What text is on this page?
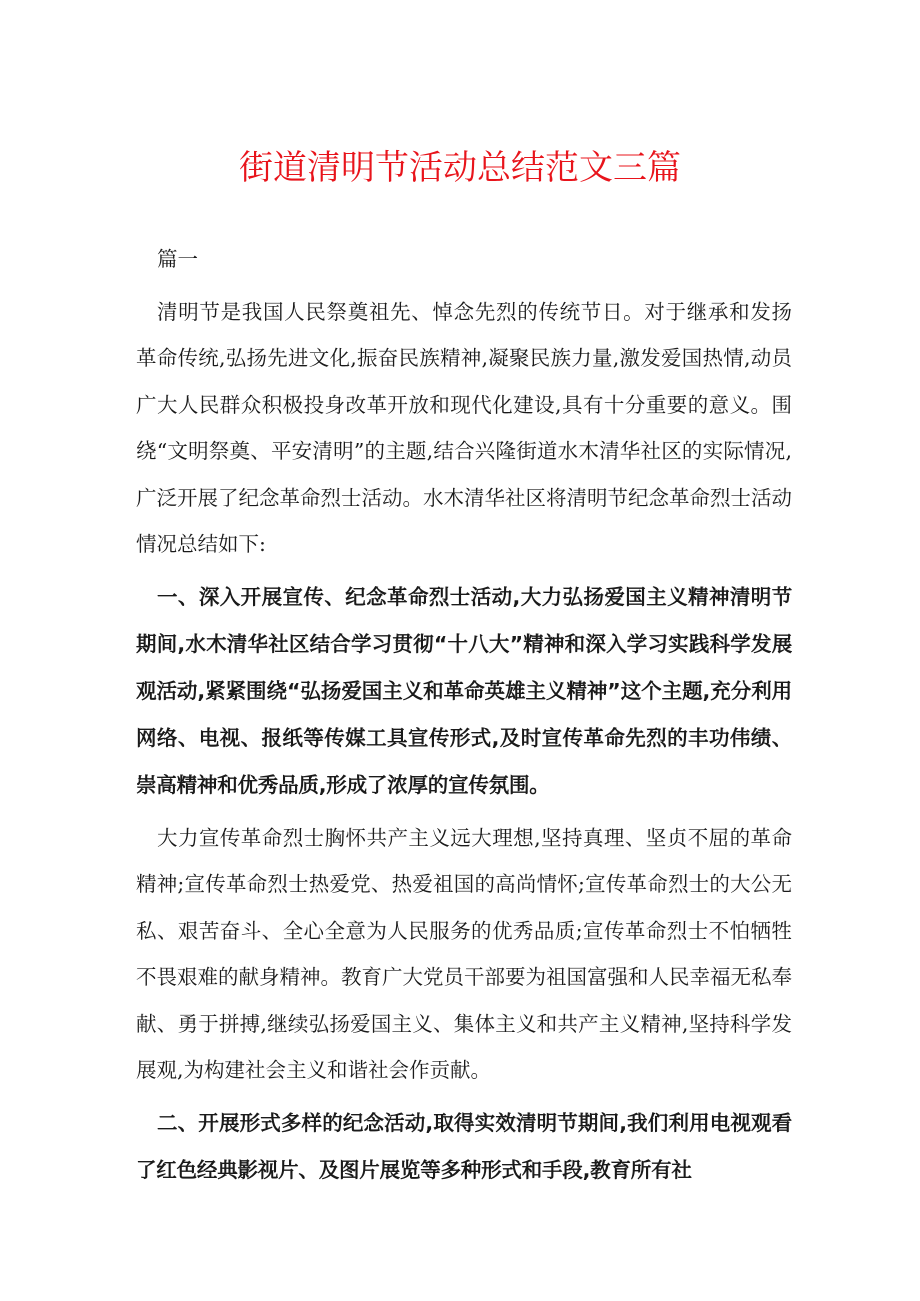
街道清明节活动总结范文三篇

篇一

清明节是我国人民祭奠祖先、悼念先烈的传统节日。对于继承和发扬革命传统,弘扬先进文化,振奋民族精神,凝聚民族力量,激发爱国热情,动员广大人民群众积极投身改革开放和现代化建设,具有十分重要的意义。围绕“文明祭奠、平安清明”的主题,结合兴隆街道水木清华社区的实际情况,广泛开展了纪念革命烈士活动。水木清华社区将清明节纪念革命烈士活动情况总结如下:

一、深入开展宣传、纪念革命烈士活动,大力弘扬爱国主义精神清明节期间,水木清华社区结合学习贯彻“十八大”精神和深入学习实践科学发展观活动,紧紧围绕“弘扬爱国主义和革命英雄主义精神”这个主题,充分利用网络、电视、报纸等传媒工具宣传形式,及时宣传革命先烈的丰功伟绩、崇高精神和优秀品质,形成了浓厚的宣传氛围。

大力宣传革命烈士胸怀共产主义远大理想,坚持真理、坚贞不屈的革命精神;宣传革命烈士热爱党、热爱祖国的高尚情怀;宣传革命烈士的大公无私、艰苦奋斗、全心全意为人民服务的优秀品质;宣传革命烈士不怕牺牲不畏艰难的献身精神。教育广大党员干部要为祖国富强和人民幸福无私奉献、勇于拼搏,继续弘扬爱国主义、集体主义和共产主义精神,坚持科学发展观,为构建社会主义和谐社会作贡献。

二、开展形式多样的纪念活动,取得实效清明节期间,我们利用电视观看了红色经典影视片、及图片展览等多种形式和手段,教育所有社
